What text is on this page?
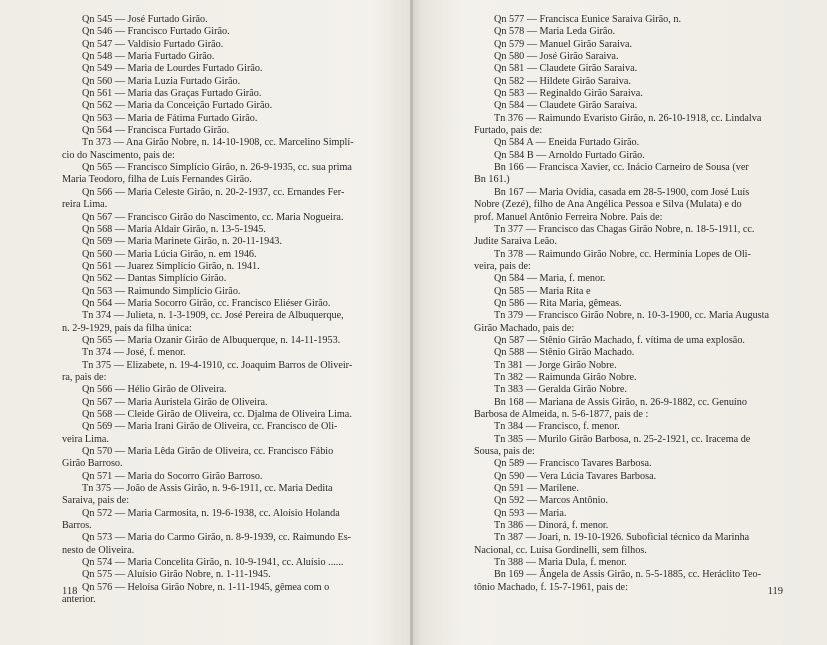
Qn 545 — José Furtado Girão.
Qn 546 — Francisco Furtado Girão.
Qn 547 — Valdísio Furtado Girão.
Qn 548 — Maria Furtado Girão.
Qn 549 — Maria de Lourdes Furtado Girão.
Qn 560 — Maria Luzia Furtado Girão.
Qn 561 — Maria das Graças Furtado Girão.
Qn 562 — Maria da Conceição Furtado Girão.
Qn 563 — Maria de Fátima Furtado Girão.
Qn 564 — Francisca Furtado Girão.
Tn 373 — Ana Girão Nobre, n. 14-10-1908, cc. Marcelino Simplí-
cio do Nascimento, pais de:
Qn 565 — Francisco Simplício Girão, n. 26-9-1935, cc. sua prima
Maria Teodoro, filha de Luís Fernandes Girão.
Qn 566 — Maria Celeste Girão, n. 20-2-1937, cc. Ernandes Fer-
reira Lima.
Qn 567 — Francisco Girão do Nascimento, cc. Maria Nogueira.
Qn 568 — Maria Aldair Girão, n. 13-5-1945.
Qn 569 — Maria Marinete Girão, n. 20-11-1943.
Qn 560 — Maria Lúcia Girão, n. em 1946.
Qn 561 — Juarez Simplício Girão, n. 1941.
Qn 562 — Dantas Simplício Girão.
Qn 563 — Raimundo Simplício Girão.
Qn 564 — Maria Socorro Girão, cc. Francisco Eliéser Girão.
Tn 374 — Julieta, n. 1-3-1909, cc. José Pereira de Albuquerque,
n. 2-9-1929, pais da filha única:
Qn 565 — Maria Ozanir Girão de Albuquerque, n. 14-11-1953.
Tn 374 — José, f. menor.
Tn 375 — Elizabete, n. 19-4-1910, cc. Joaquim Barros de Oliveir-
ra, pais de:
Qn 566 — Hélio Girão de Oliveira.
Qn 567 — Maria Auristela Girão de Oliveira.
Qn 568 — Cleide Girão de Oliveira, cc. Djalma de Oliveira Lima.
Qn 569 — Maria Irani Girão de Oliveira, cc. Francisco de Oli-
veira Lima.
Qn 570 — Maria Lêda Girão de Oliveira, cc. Francisco Fábio
Girão Barroso.
Qn 571 — Maria do Socorro Girão Barroso.
Tn 375 — João de Assis Girão, n. 9-6-1911, cc. Maria Dedita
Saraiva, pais de:
Qn 572 — Maria Carmosita, n. 19-6-1938, cc. Aloísio Holanda
Barros.
Qn 573 — Maria do Carmo Girão, n. 8-9-1939, cc. Raimundo Es-
nesto de Oliveira.
Qn 574 — Maria Concelita Girão, n. 10-9-1941, cc. Aluísio ......
Qn 575 — Aluísio Girão Nobre, n. 1-11-1945.
Qn 576 — Heloísa Girão Nobre, n. 1-11-1945, gêmea com o
anterior.
118
Qn 577 — Francisca Eunice Saraiva Girão, n.
Qn 578 — Maria Leda Girão.
Qn 579 — Manuel Girão Saraiva.
Qn 580 — José Girão Saraiva.
Qn 581 — Claudete Girão Saraiva.
Qn 582 — Hildete Girão Saraiva.
Qn 583 — Reginaldo Girão Saraiva.
Qn 584 — Claudete Girão Saraiva.
Tn 376 — Raimundo Evaristo Girão, n. 26-10-1918, cc. Lindalva
Furtado, pais de:
Qn 584 A — Eneida Furtado Girão.
Qn 584 B — Arnoldo Furtado Girão.
Bn 166 — Francisca Xavier, cc. Inácio Carneiro de Sousa (ver
Bn 161.)
Bn 167 — Maria Ovídia, casada em 28-5-1900, com José Luís
Nobre (Zezé), filho de Ana Angélica Pessoa e Silva (Mulata) e do
prof. Manuel Antônio Ferreira Nobre. Pais de:
Tn 377 — Francisco das Chagas Girão Nobre, n. 18-5-1911, cc.
Judite Saraiva Leão.
Tn 378 — Raimundo Girão Nobre, cc. Hermínia Lopes de Oli-
veira, pais de:
Qn 584 — Maria, f. menor.
Qn 585 — Maria Rita e
Qn 586 — Rita Maria, gêmeas.
Tn 379 — Francisco Girão Nobre, n. 10-3-1900, cc. Maria Augusta
Girão Machado, pais de:
Qn 587 — Stênio Girão Machado, f. vítima de uma explosão.
Qn 588 — Stênio Girão Machado.
Tn 381 — Jorge Girão Nobre.
Tn 382 — Raimunda Girão Nobre.
Tn 383 — Geralda Girão Nobre.
Bn 168 — Mariana de Assis Girão, n. 26-9-1882, cc. Genuíno
Barbosa de Almeida, n. 5-6-1877, pais de :
Tn 384 — Francisco, f. menor.
Tn 385 — Murilo Girão Barbosa, n. 25-2-1921, cc. Iracema de
Sousa, pais de:
Qn 589 — Francisco Tavares Barbosa.
Qn 590 — Vera Lúcia Tavares Barbosa.
Qn 591 — Marilene.
Qn 592 — Marcos Antônio.
Qn 593 — Maria.
Tn 386 — Dinorá, f. menor.
Tn 387 — Joari, n. 19-10-1926. Suboficial técnico da Marinha
Nacional, cc. Luísa Gordinelli, sem filhos.
Tn 388 — Maria Dula, f. menor.
Bn 169 — Ângela de Assis Girão, n. 5-5-1885, cc. Heráclito Teo-
tônio Machado, f. 15-7-1961, pais de:	119
